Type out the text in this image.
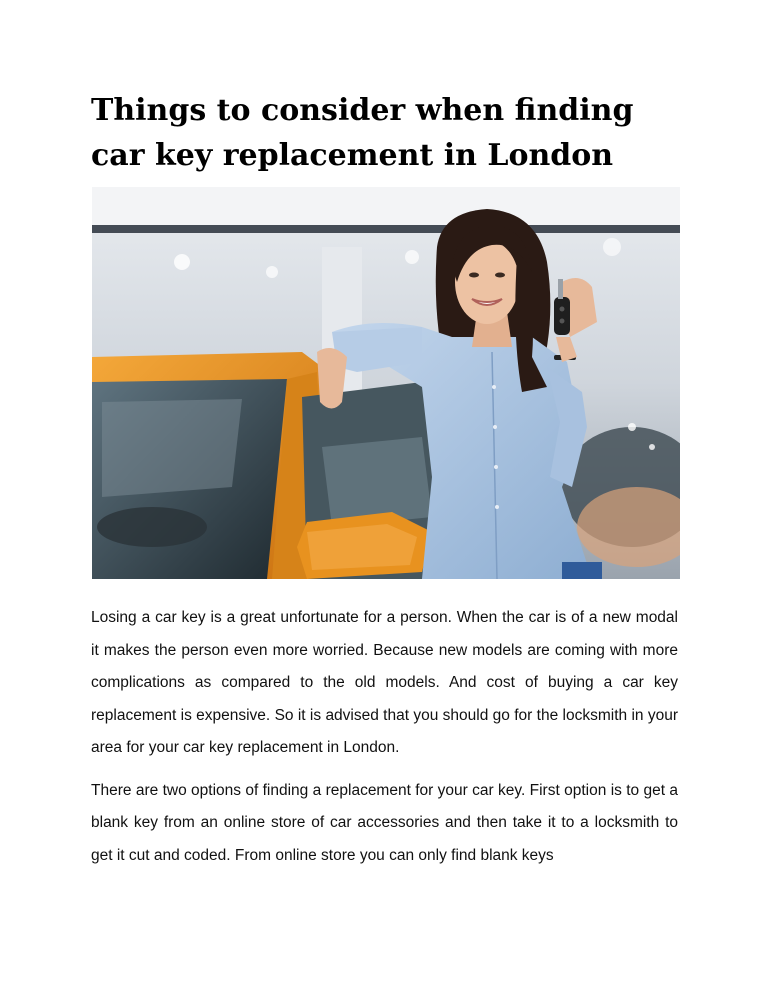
Things to consider when finding car key replacement in London

Losing a car key is a great unfortunate for a person. When the car is of a new modal it makes the person even more worried. Because new models are coming with more complications as compared to the old models. And cost of buying a car key replacement is expensive. So it is advised that you should go for the locksmith in your area for your car key replacement in London.

There are two options of finding a replacement for your car key. First option is to get a blank key from an online store of car accessories and then take it to a locksmith to get it cut and coded. From online store you can only find blank keys
